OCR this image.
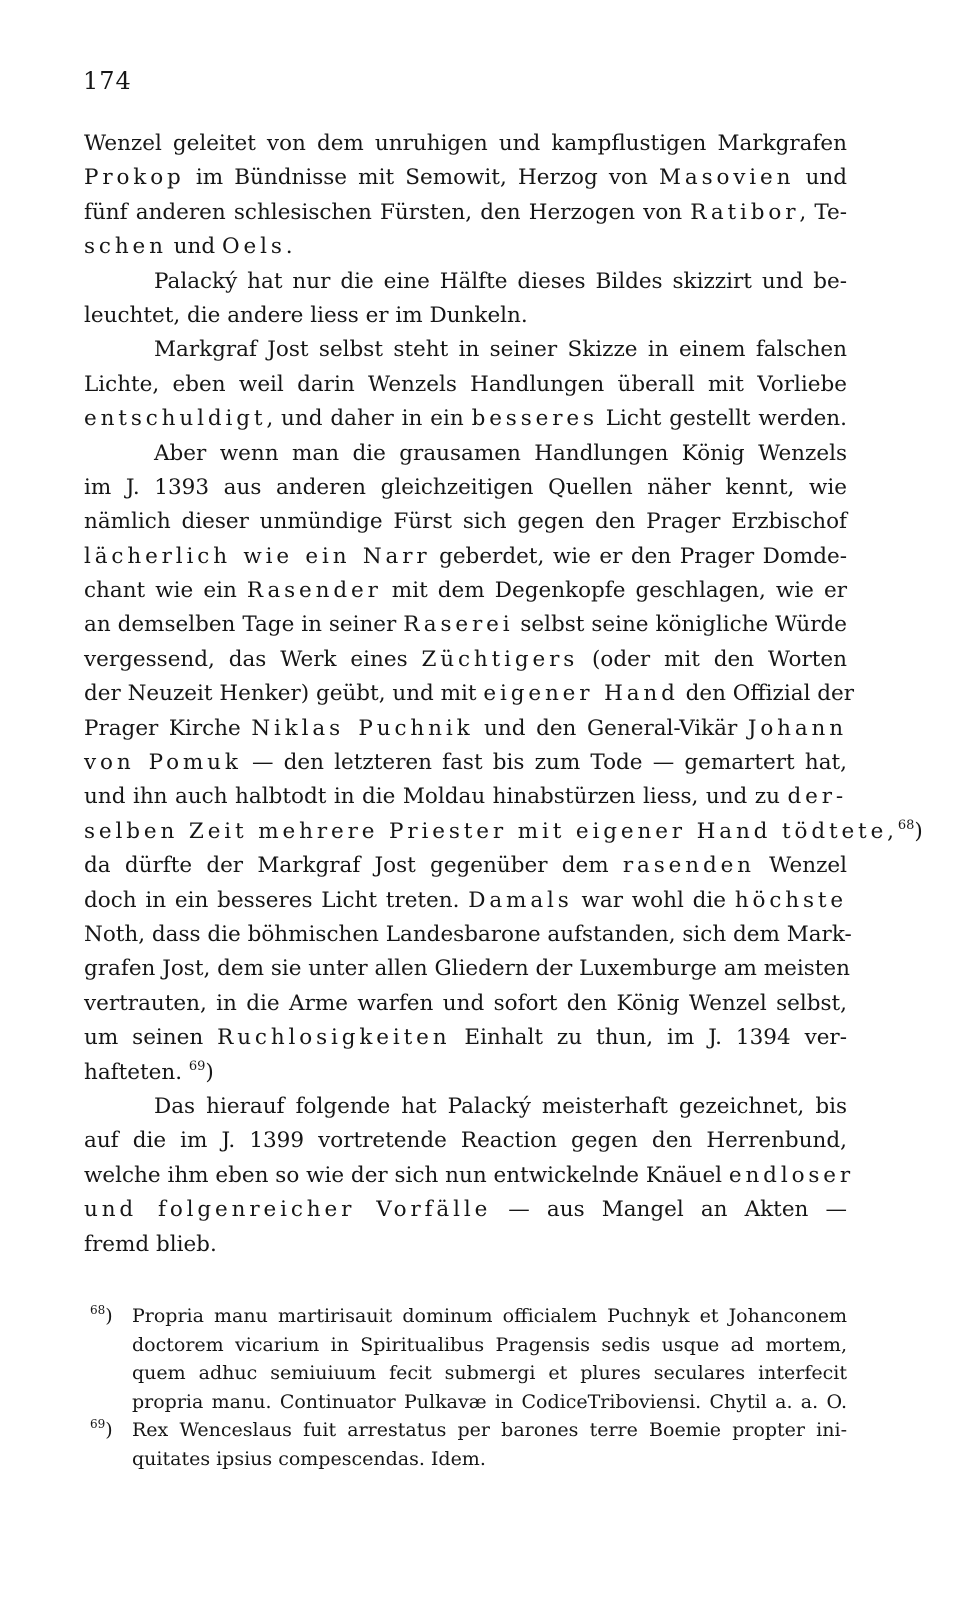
174
Wenzel geleitet von dem unruhigen und kampflustigen Markgrafen
Prokop im Bündnisse mit Semowit, Herzog von Masovien und
fünf anderen schlesischen Fürsten, den Herzogen von Ratibor, Te-
schen und Oels.
Palacký hat nur die eine Hälfte dieses Bildes skizzirt und be-
leuchtet, die andere liess er im Dunkeln.
Markgraf Jost selbst steht in seiner Skizze in einem falschen
Lichte, eben weil darin Wenzels Handlungen überall mit Vorliebe
entschuldigt, und daher in ein besseres Licht gestellt werden.
Aber wenn man die grausamen Handlungen König Wenzels
im J. 1393 aus anderen gleichzeitigen Quellen näher kennt, wie
nämlich dieser unmündige Fürst sich gegen den Prager Erzbischof
lächerlich wie ein Narr geberdet, wie er den Prager Domde-
chant wie ein Rasender mit dem Degenkopfe geschlagen, wie er
an demselben Tage in seiner Raserei selbst seine königliche Würde
vergessend, das Werk eines Züchtigers (oder mit den Worten
der Neuzeit Henker) geübt, und mit eigener Hand den Offizial der
Prager Kirche Niklas Puchnik und den General-Vikär Johann
von Pomuk — den letzteren fast bis zum Tode — gemartert hat,
und ihn auch halbtodt in die Moldau hinabstürzen liess, und zu der-
selben Zeit mehrere Priester mit eigener Hand tödtete,$^{68}$)
da dürfte der Markgraf Jost gegenüber dem rasenden Wenzel
doch in ein besseres Licht treten. Damals war wohl die höchste
Noth, dass die böhmischen Landesbarone aufstanden, sich dem Mark-
grafen Jost, dem sie unter allen Gliedern der Luxemburge am meisten
vertrauten, in die Arme warfen und sofort den König Wenzel selbst,
um seinen Ruchlosigkeiten Einhalt zu thun, im J. 1394 ver-
hafteten. $^{69}$)
Das hierauf folgende hat Palacký meisterhaft gezeichnet, bis
auf die im J. 1399 vortretende Reaction gegen den Herrenbund,
welche ihm eben so wie der sich nun entwickelnde Knäuel endloser
und folgenreicher Vorfälle — aus Mangel an Akten —
fremd blieb.
$^{68}$) Propria manu martirisauit dominum officialem Puchnyk et Johanconem
doctorem vicarium in Spiritualibus Pragensis sedis usque ad mortem,
quem adhuc semiuiuum fecit submergi et plures seculares interfecit
propria manu. Continuator Pulkavæ in CodiceTriboviensi. Chytil a. a. O.
$^{69}$) Rex Wenceslaus fuit arrestatus per barones terre Boemie propter ini-
quitates ipsius compescendas. Idem.
